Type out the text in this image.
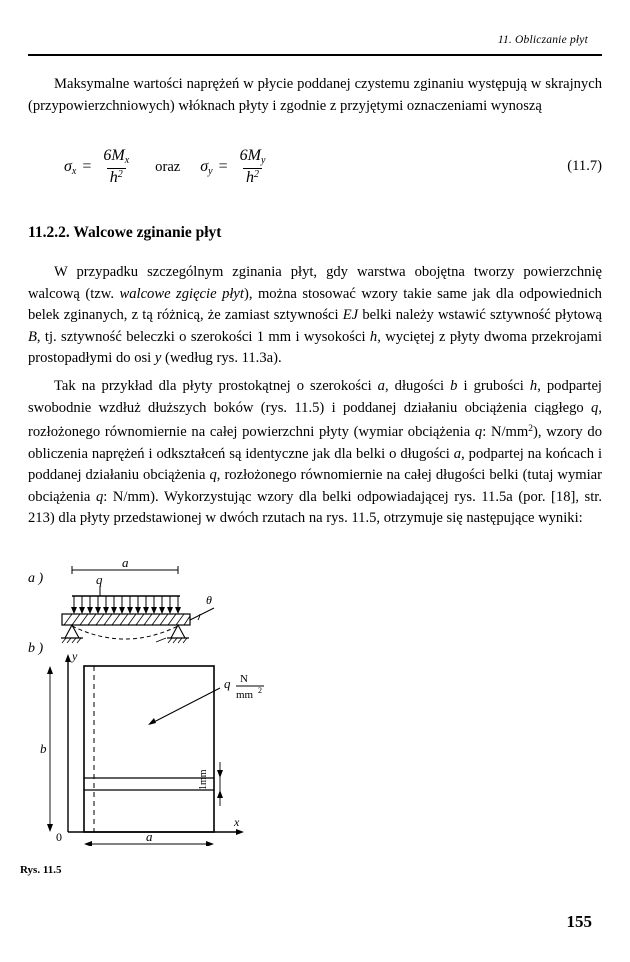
11. Obliczanie płyt
Maksymalne wartości naprężeń w płycie poddanej czystemu zginaniu występują w skrajnych (przypowierzchniowych) włóknach płyty i zgodnie z przyjętymi oznaczeniami wynoszą
$\sigma_x = \frac{6M_x}{h^2}$ oraz $\sigma_y = \frac{6M_y}{h^2}$	(11.7)
11.2.2. Walcowe zginanie płyt
W przypadku szczególnym zginania płyt, gdy warstwa obojętna tworzy powierzchnię walcową (tzw. walcowe zgięcie płyt), można stosować wzory takie same jak dla odpowiednich belek zginanych, z tą różnicą, że zamiast sztywności EJ belki należy wstawić sztywność płytową B, tj. sztywność beleczki o szerokości 1 mm i wysokości h, wyciętej z płyty dwoma przekrojami prostopadłymi do osi y (według rys. 11.3a).
Tak na przykład dla płyty prostokątnej o szerokości a, długości b i grubości h, podpartej swobodnie wzdłuż dłuższych boków (rys. 11.5) i poddanej działaniu obciążenia ciągłego q, rozłożonego równomiernie na całej powierzchni płyty (wymiar obciążenia q: $N/mm^2$), wzory do obliczenia naprężeń i odkształceń są identyczne jak dla belki o długości a, podpartej na końcach i poddanej działaniu obciążenia q, rozłożonego równomiernie na całej długości belki (tutaj wymiar obciążenia q: N/mm). Wykorzystując wzory dla belki odpowiadającej rys. 11.5a (por. [18], str. 213) dla płyty przedstawionej w dwóch rzutach na rys. 11.5, otrzymuje się następujące wyniki:
a )
a
q
θ
b ) y
x
0
1mm
b
a
q N
mm 2
Rys. 11.5
155
